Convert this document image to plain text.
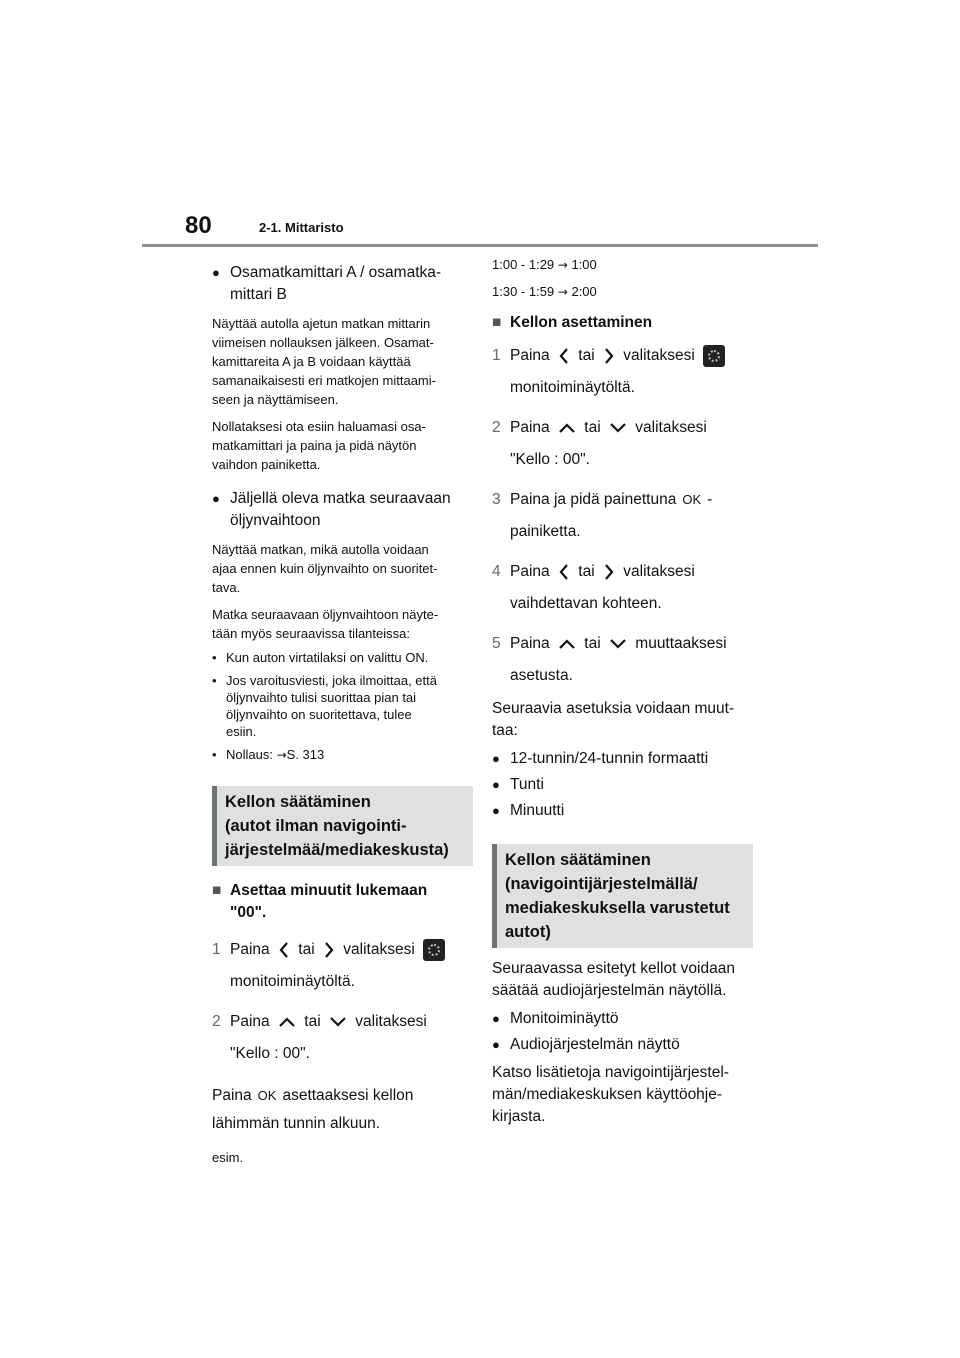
80	2-1. Mittaristo
● Osamatkamittari A / osamatka-
mittari B
Näyttää autolla ajetun matkan mittarin
viimeisen nollauksen jälkeen. Osamat-
kamittareita A ja B voidaan käyttää
samanaikaisesti eri matkojen mittaami-
seen ja näyttämiseen.
Nollataksesi ota esiin haluamasi osa-
matkamittari ja paina ja pidä näytön
vaihdon painiketta.
● Jäljellä oleva matka seuraavaan
öljynvaihtoon
Näyttää matkan, mikä autolla voidaan
ajaa ennen kuin öljynvaihto on suoritet-
tava.
Matka seuraavaan öljynvaihtoon näyte-
tään myös seuraavissa tilanteissa:
• Kun auton virtatilaksi on valittu ON.
• Jos varoitusviesti, joka ilmoittaa, että
öljynvaihto tulisi suorittaa pian tai
öljynvaihto on suoritettava, tulee
esiin.
• Nollaus: →S. 313
Kellon säätäminen
(autot ilman navigointi-
järjestelmää/mediakeskusta)
■ Asettaa minuutit lukemaan
"00".
1 Paina tai valitaksesi
monitoiminäytöltä.
2 Paina tai valitaksesi
"Kello : 00".
Paina OK asettaaksesi kellon
lähimmän tunnin alkuun.
esim.
1:00 - 1:29 → 1:00
1:30 - 1:59 → 2:00
■ Kellon asettaminen
1 Paina tai valitaksesi
monitoiminäytöltä.
2 Paina tai valitaksesi
"Kello : 00".
3 Paina ja pidä painettuna OK -
painiketta.
4 Paina tai valitaksesi
vaihdettavan kohteen.
5 Paina tai muuttaaksesi
asetusta.
Seuraavia asetuksia voidaan muut-
taa:
● 12-tunnin/24-tunnin formaatti
● Tunti
● Minuutti
Kellon säätäminen
(navigointijärjestelmällä/
mediakeskuksella varustetut
autot)
Seuraavassa esitetyt kellot voidaan
säätää audiojärjestelmän näytöllä.
● Monitoiminäyttö
● Audiojärjestelmän näyttö
Katso lisätietoja navigointijärjestel-
män/mediakeskuksen käyttöohje-
kirjasta.
